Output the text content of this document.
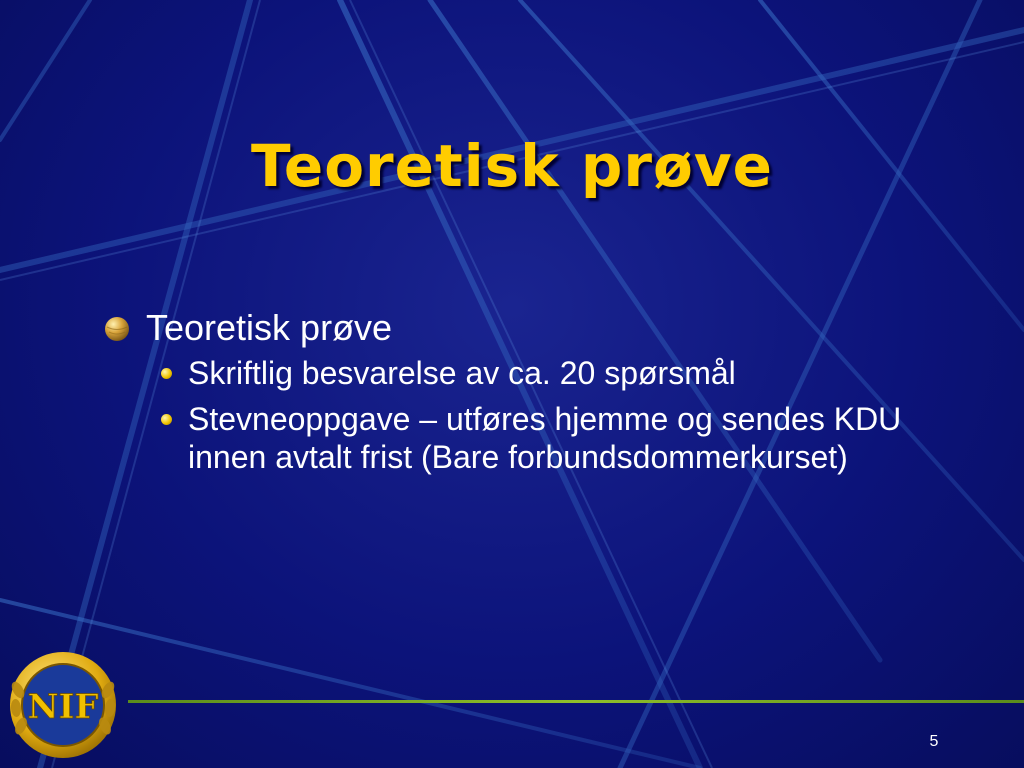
Teoretisk prøve
Teoretisk prøve
Skriftlig besvarelse av ca. 20 spørsmål
Stevneoppgave – utføres hjemme og sendes KDU innen avtalt frist (Bare forbundsdommerkurset)
5
NIF
